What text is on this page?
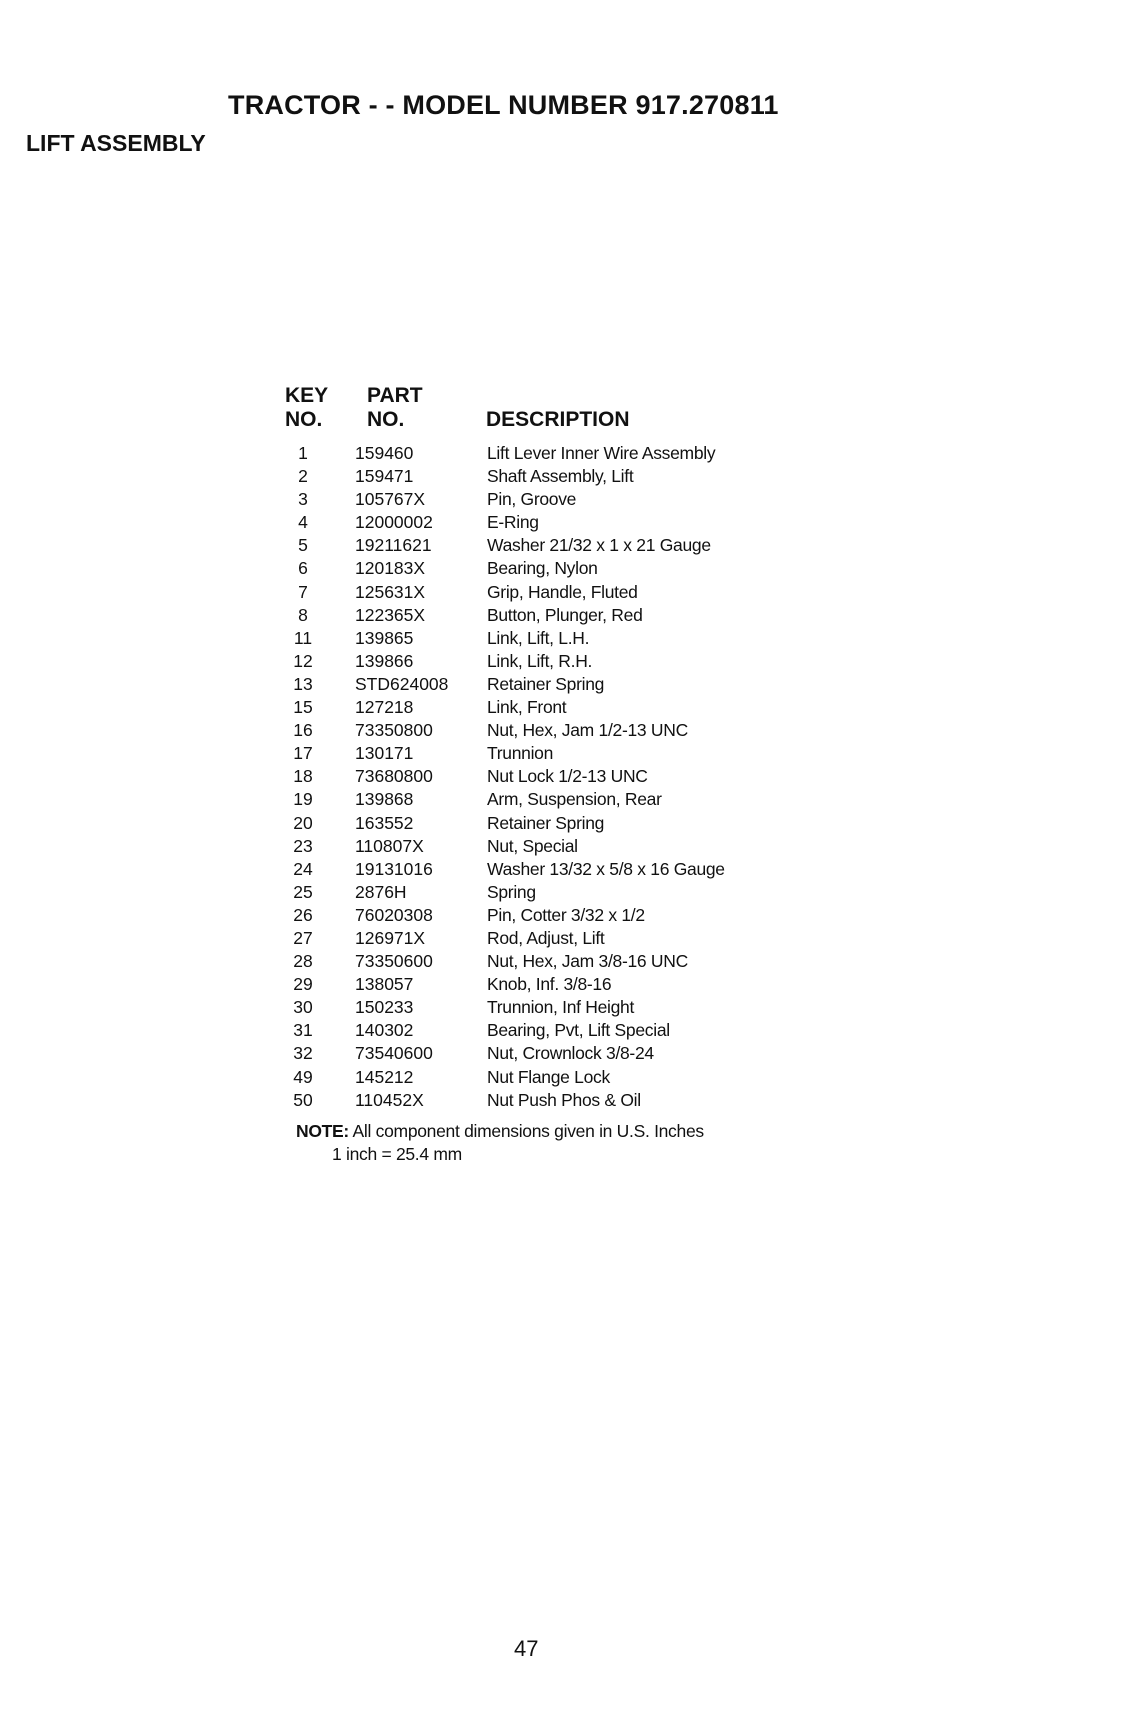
TRACTOR - - MODEL NUMBER 917.270811
LIFT ASSEMBLY
KEY
NO.
PART
NO.	DESCRIPTION
1	159460	Lift Lever Inner Wire Assembly
2	159471	Shaft Assembly, Lift
3	105767X	Pin, Groove
4	12000002	E-Ring
5	19211621	Washer 21/32 x 1 x 21 Gauge
6	120183X	Bearing, Nylon
7	125631X	Grip, Handle, Fluted
8	122365X	Button, Plunger, Red
11	139865	Link, Lift, L.H.
12	139866	Link, Lift, R.H.
13	STD624008 Retainer Spring
15	127218	Link, Front
16	73350800	Nut, Hex, Jam 1/2-13 UNC
17	130171	Trunnion
18	73680800	Nut Lock 1/2-13 UNC
19	139868	Arm, Suspension, Rear
20	163552	Retainer Spring
23	110807X	Nut, Special
24	19131016	Washer 13/32 x 5/8 x 16 Gauge
25	2876H	Spring
26	76020308	Pin, Cotter 3/32 x 1/2
27	126971X	Rod, Adjust, Lift
28	73350600	Nut, Hex, Jam 3/8-16 UNC
29	138057	Knob, Inf. 3/8-16
30	150233	Trunnion, Inf Height
31	140302	Bearing, Pvt, Lift Special
32	73540600	Nut, Crownlock 3/8-24
49	145212	Nut Flange Lock
50	110452X	Nut Push Phos & Oil
NOTE: All component dimensions given in U.S. Inches
1 inch = 25.4 mm
47
